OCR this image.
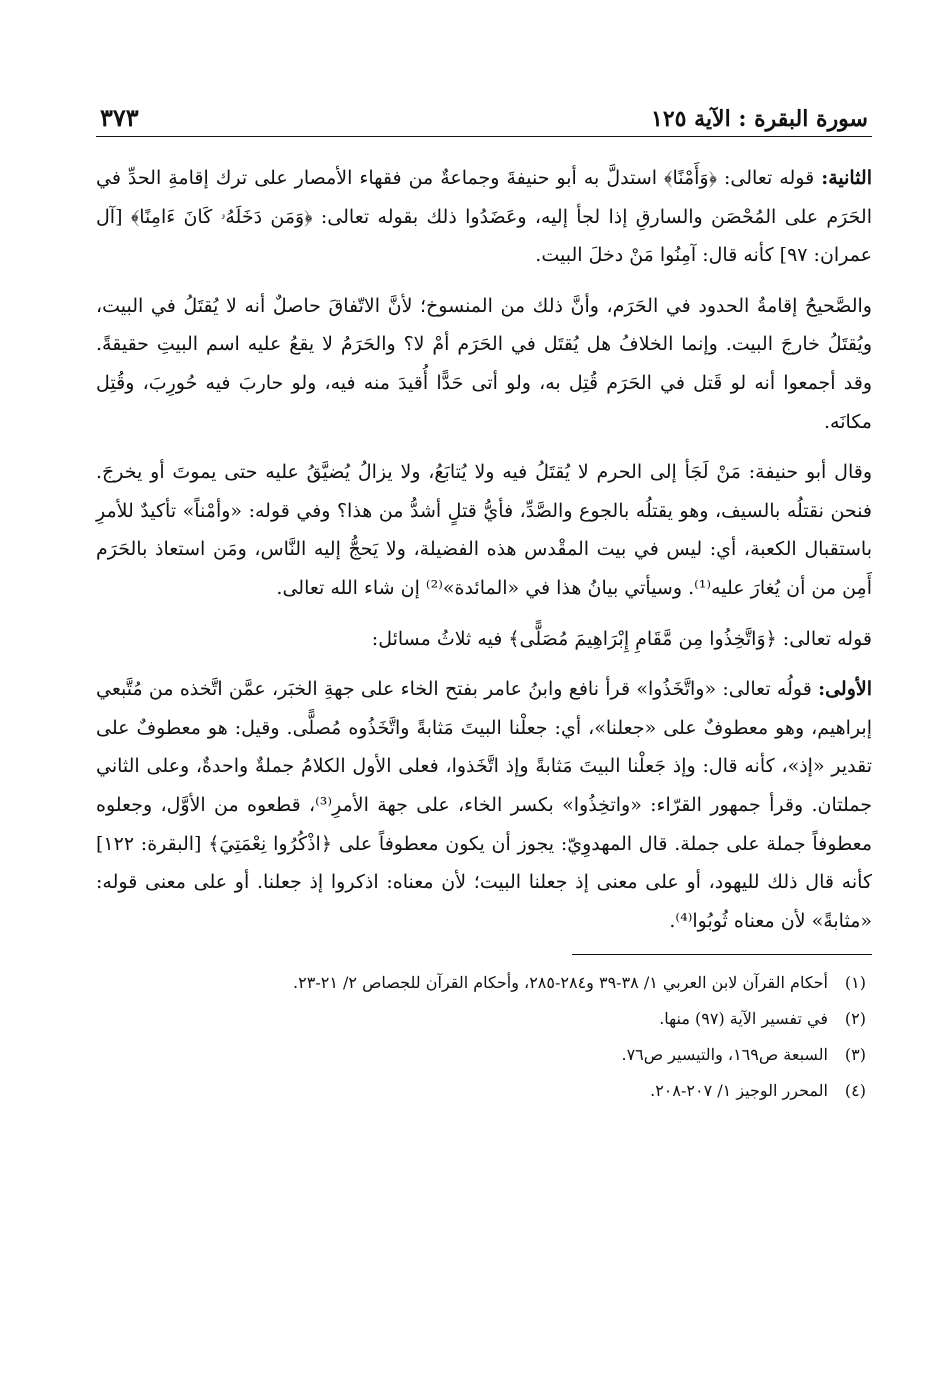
سورة البقرة : الآية ١٢٥
٣٧٣

الثانية: قوله تعالى: ﴿وَأَمْنًا﴾ استدلَّ به أبو حنيفةَ وجماعةٌ من فقهاء الأمصار على ترك إقامةِ الحدِّ في الحَرَم على المُحْصَن والسارقِ إذا لجأ إليه، وعَضَدُوا ذلك بقوله تعالى: ﴿وَمَن دَخَلَهُۥ كَانَ ءَامِنًا﴾ [آل عمران: ٩٧] كأنه قال: آمِنُوا مَنْ دخلَ البيت.

والصَّحيحُ إقامةُ الحدود في الحَرَم، وأنَّ ذلك من المنسوخ؛ لأنَّ الاتّفاقَ حاصلٌ أنه لا يُقتَلُ في البيت، ويُقتَلُ خارجَ البيت. وإنما الخلافُ هل يُقتَل في الحَرَم أمْ لا؟ والحَرَمُ لا يقعُ عليه اسم البيتِ حقيقةً. وقد أجمعوا أنه لو قَتل في الحَرَم قُتِل به، ولو أتى حَدًّا أُقيدَ منه فيه، ولو حاربَ فيه حُورِبَ، وقُتِل مكانَه.

وقال أبو حنيفة: مَنْ لَجَأ إلى الحرم لا يُقتَلُ فيه ولا يُتابَعُ، ولا يزالُ يُضيَّقُ عليه حتى يموتَ أو يخرجَ. فنحن نقتلُه بالسيف، وهو يقتلُه بالجوع والصَّدِّ، فأيُّ قتلٍ أشدُّ من هذا؟ وفي قوله: «وأمْناً» تأكيدٌ للأمرِ باستقبال الكعبة، أي: ليس في بيت المقْدس هذه الفضيلة، ولا يَحجُّ إليه النَّاس، ومَن استعاذ بالحَرَم أَمِن من أن يُغارَ عليه⁽¹⁾. وسيأتي بيانُ هذا في «المائدة»⁽²⁾ إن شاء الله تعالى.

قوله تعالى: ﴿وَاتَّخِذُوا مِن مَّقَامِ إِبْرَاهِيمَ مُصَلًّى﴾ فيه ثلاثُ مسائل:

الأولى: قولُه تعالى: «واتَّخَذُوا» قرأ نافع وابنُ عامر بفتح الخاء على جهةِ الخبَر، عمَّن اتَّخذه من مُتَّبعي إبراهيم، وهو معطوفٌ على «جعلنا»، أي: جعلْنا البيتَ مَثابةً واتَّخَذُوه مُصلًّى. وقيل: هو معطوفٌ على تقدير «إذ»، كأنه قال: وإذ جَعلْنا البيتَ مَثابةً وإذ اتَّخَذوا، فعلى الأول الكلامُ جملةٌ واحدةٌ، وعلى الثاني جملتان. وقرأ جمهور القرّاء: «واتخِذُوا» بكسر الخاء، على جهة الأمرِ⁽³⁾، قطعوه من الأوَّل، وجعلوه معطوفاً جملة على جملة. قال المهدوِيّ: يجوز أن يكون معطوفاً على ﴿اذْكُرُوا نِعْمَتِيَ﴾ [البقرة: ١٢٢] كأنه قال ذلك لليهود، أو على معنى إذ جعلنا البيت؛ لأن معناه: اذكروا إذ جعلنا. أو على معنى قوله: «مثابةً» لأن معناه ثُوبُوا⁽⁴⁾.

(١)أحكام القرآن لابن العربي ١/ ٣٨-٣٩ و٢٨٤-٢٨٥، وأحكام القرآن للجصاص ٢/ ٢١-٢٣.
(٢)في تفسير الآية (٩٧) منها.
(٣)السبعة ص١٦٩، والتيسير ص٧٦.
(٤)المحرر الوجيز ١/ ٢٠٧-٢٠٨.
